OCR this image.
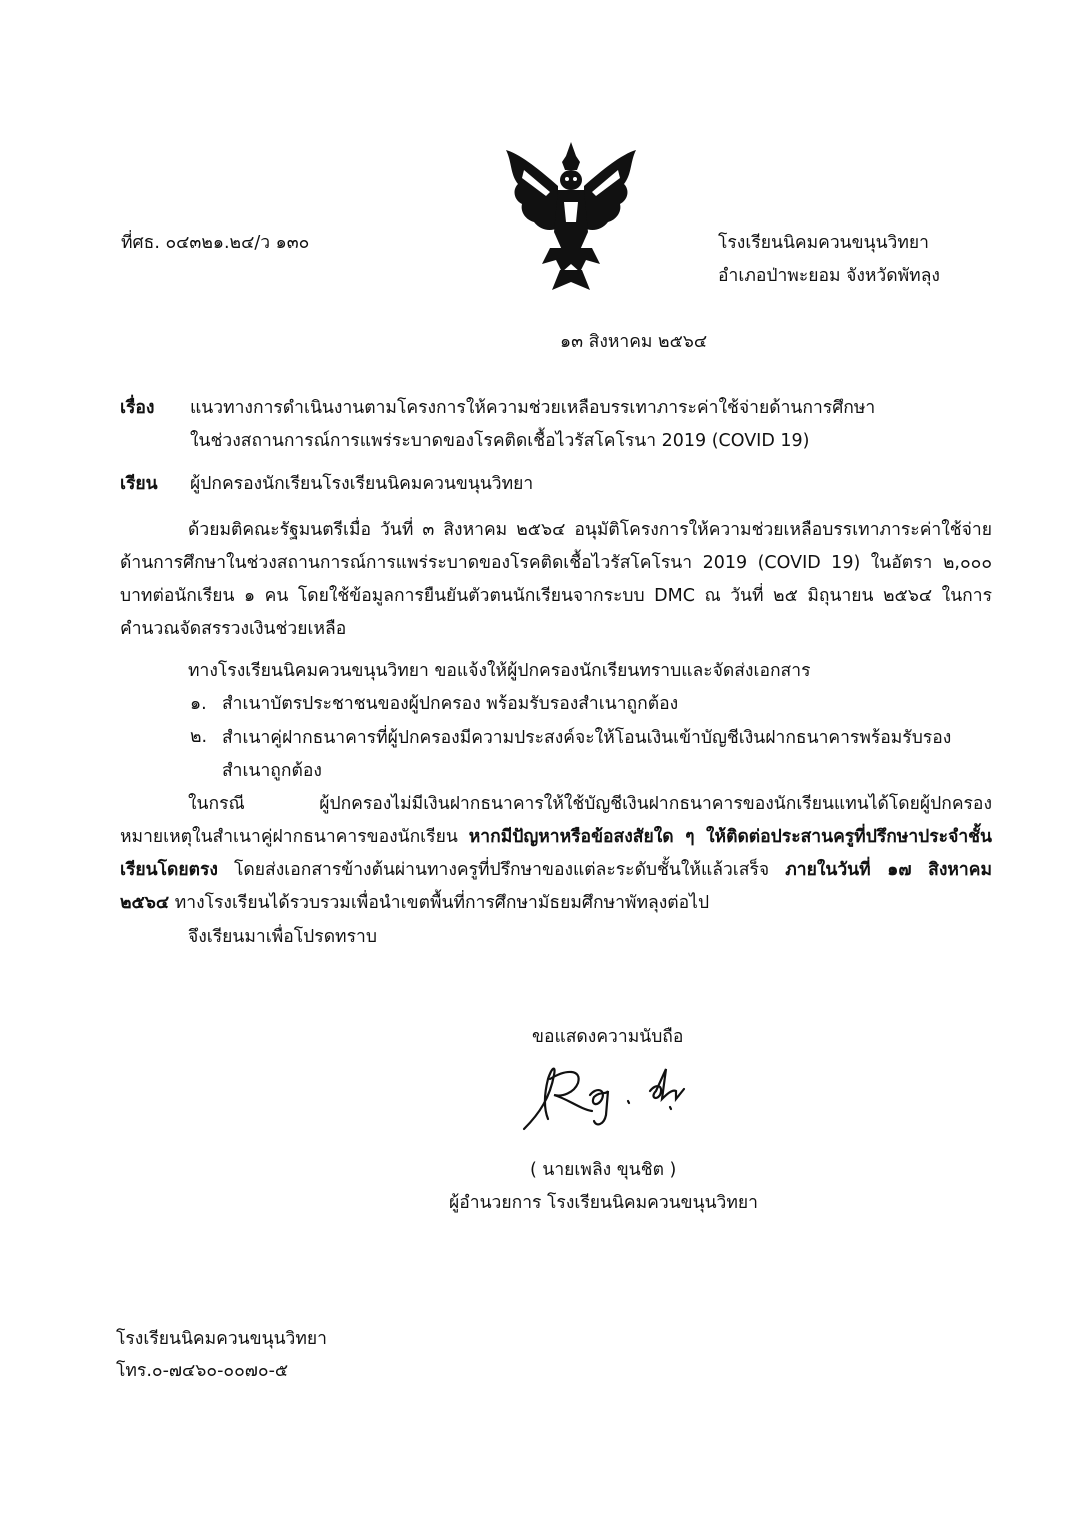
ที่ศธ. ๐๔๓๒๑.๒๔/ว ๑๓๐	โรงเรียนนิคมควนขนุนวิทยา
อำเภอป่าพะยอม จังหวัดพัทลุง
๑๓ สิงหาคม ๒๕๖๔
เรื่อง แนวทางการดำเนินงานตามโครงการให้ความช่วยเหลือบรรเทาภาระค่าใช้จ่ายด้านการศึกษา
ในช่วงสถานการณ์การแพร่ระบาดของโรคติดเชื้อไวรัสโคโรนา 2019 (COVID 19)
เรียน ผู้ปกครองนักเรียนโรงเรียนนิคมควนขนุนวิทยา
ด้วยมติคณะรัฐมนตรีเมื่อ วันที่ ๓ สิงหาคม ๒๕๖๔ อนุมัติโครงการให้ความช่วยเหลือบรรเทาภาระค่าใช้จ่ายด้านการศึกษาในช่วงสถานการณ์การแพร่ระบาดของโรคติดเชื้อไวรัสโคโรนา 2019 (COVID 19) ในอัตรา ๒,๐๐๐ บาทต่อนักเรียน ๑ คน โดยใช้ข้อมูลการยืนยันตัวตนนักเรียนจากระบบ DMC ณ วันที่ ๒๕ มิถุนายน ๒๕๖๔ ในการคำนวณจัดสรรวงเงินช่วยเหลือ
ทางโรงเรียนนิคมควนขนุนวิทยา ขอแจ้งให้ผู้ปกครองนักเรียนทราบและจัดส่งเอกสาร
๑. สำเนาบัตรประชาชนของผู้ปกครอง พร้อมรับรองสำเนาถูกต้อง
๒. สำเนาคู่ฝากธนาคารที่ผู้ปกครองมีความประสงค์จะให้โอนเงินเข้าบัญชีเงินฝากธนาคารพร้อมรับรอง สำเนาถูกต้อง
ในกรณี ผู้ปกครองไม่มีเงินฝากธนาคารให้ใช้บัญชีเงินฝากธนาคารของนักเรียนแทนได้โดยผู้ปกครองหมายเหตุในสำเนาคู่ฝากธนาคารของนักเรียน หากมีปัญหาหรือข้อสงสัยใด ๆ ให้ติดต่อประสานครูที่ปรึกษาประจำชั้นเรียนโดยตรง โดยส่งเอกสารข้างต้นผ่านทางครูที่ปรึกษาของแต่ละระดับชั้นให้แล้วเสร็จ ภายในวันที่ ๑๗ สิงหาคม ๒๕๖๔ ทางโรงเรียนได้รวบรวมเพื่อนำเขตพื้นที่การศึกษามัธยมศึกษาพัทลุงต่อไป
จึงเรียนมาเพื่อโปรดทราบ
ขอแสดงความนับถือ
( นายเพลิง ขุนชิต )
ผู้อำนวยการ โรงเรียนนิคมควนขนุนวิทยา
โรงเรียนนิคมควนขนุนวิทยา
โทร.๐-๗๔๖๐-๐๐๗๐-๕
